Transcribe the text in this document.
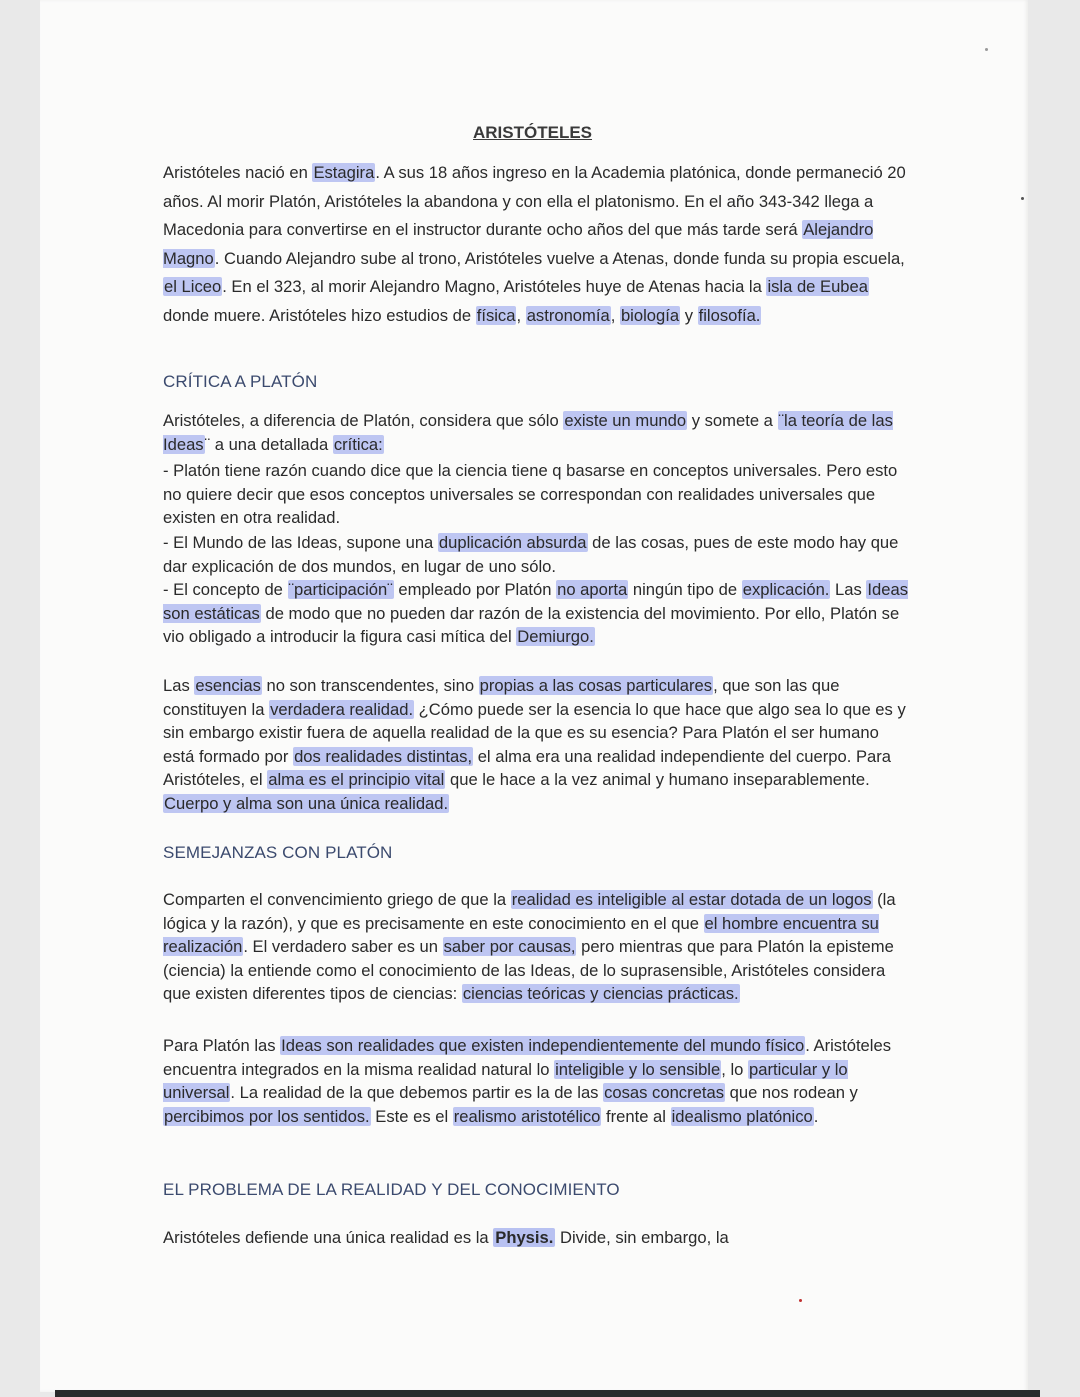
ARISTÓTELES

Aristóteles nació en Estagira. A sus 18 años ingreso en la Academia platónica, donde permaneció 20 años. Al morir Platón, Aristóteles la abandona y con ella el platonismo. En el año 343-342 llega a Macedonia para convertirse en el instructor durante ocho años del que más tarde será Alejandro Magno. Cuando Alejandro sube al trono, Aristóteles vuelve a Atenas, donde funda su propia escuela, el Liceo. En el 323, al morir Alejandro Magno, Aristóteles huye de Atenas hacia la isla de Eubea donde muere. Aristóteles hizo estudios de física, astronomía, biología y filosofía.

CRÍTICA A PLATÓN

Aristóteles, a diferencia de Platón, considera que sólo existe un mundo y somete a ¨la teoría de las Ideas¨ a una detallada crítica:

- Platón tiene razón cuando dice que la ciencia tiene q basarse en conceptos universales. Pero esto no quiere decir que esos conceptos universales se correspondan con realidades universales que existen en otra realidad.

- El Mundo de las Ideas, supone una duplicación absurda de las cosas, pues de este modo hay que dar explicación de dos mundos, en lugar de uno sólo.

- El concepto de ¨participación¨ empleado por Platón no aporta ningún tipo de explicación. Las Ideas son estáticas de modo que no pueden dar razón de la existencia del movimiento. Por ello, Platón se vio obligado a introducir la figura casi mítica del Demiurgo.

Las esencias no son transcendentes, sino propias a las cosas particulares, que son las que constituyen la verdadera realidad. ¿Cómo puede ser la esencia lo que hace que algo sea lo que es y sin embargo existir fuera de aquella realidad de la que es su esencia? Para Platón el ser humano está formado por dos realidades distintas, el alma era una realidad independiente del cuerpo. Para Aristóteles, el alma es el principio vital que le hace a la vez animal y humano inseparablemente. Cuerpo y alma son una única realidad.

SEMEJANZAS CON PLATÓN

Comparten el convencimiento griego de que la realidad es inteligible al estar dotada de un logos (la lógica y la razón), y que es precisamente en este conocimiento en el que el hombre encuentra su realización. El verdadero saber es un saber por causas, pero mientras que para Platón la episteme (ciencia) la entiende como el conocimiento de las Ideas, de lo suprasensible, Aristóteles considera que existen diferentes tipos de ciencias: ciencias teóricas y ciencias prácticas.

Para Platón las Ideas son realidades que existen independientemente del mundo físico. Aristóteles encuentra integrados en la misma realidad natural lo inteligible y lo sensible, lo particular y lo universal. La realidad de la que debemos partir es la de las cosas concretas que nos rodean y percibimos por los sentidos. Este es el realismo aristotélico frente al idealismo platónico.

EL PROBLEMA DE LA REALIDAD Y DEL CONOCIMIENTO

Aristóteles defiende una única realidad es la Physis. Divide, sin embargo, la
